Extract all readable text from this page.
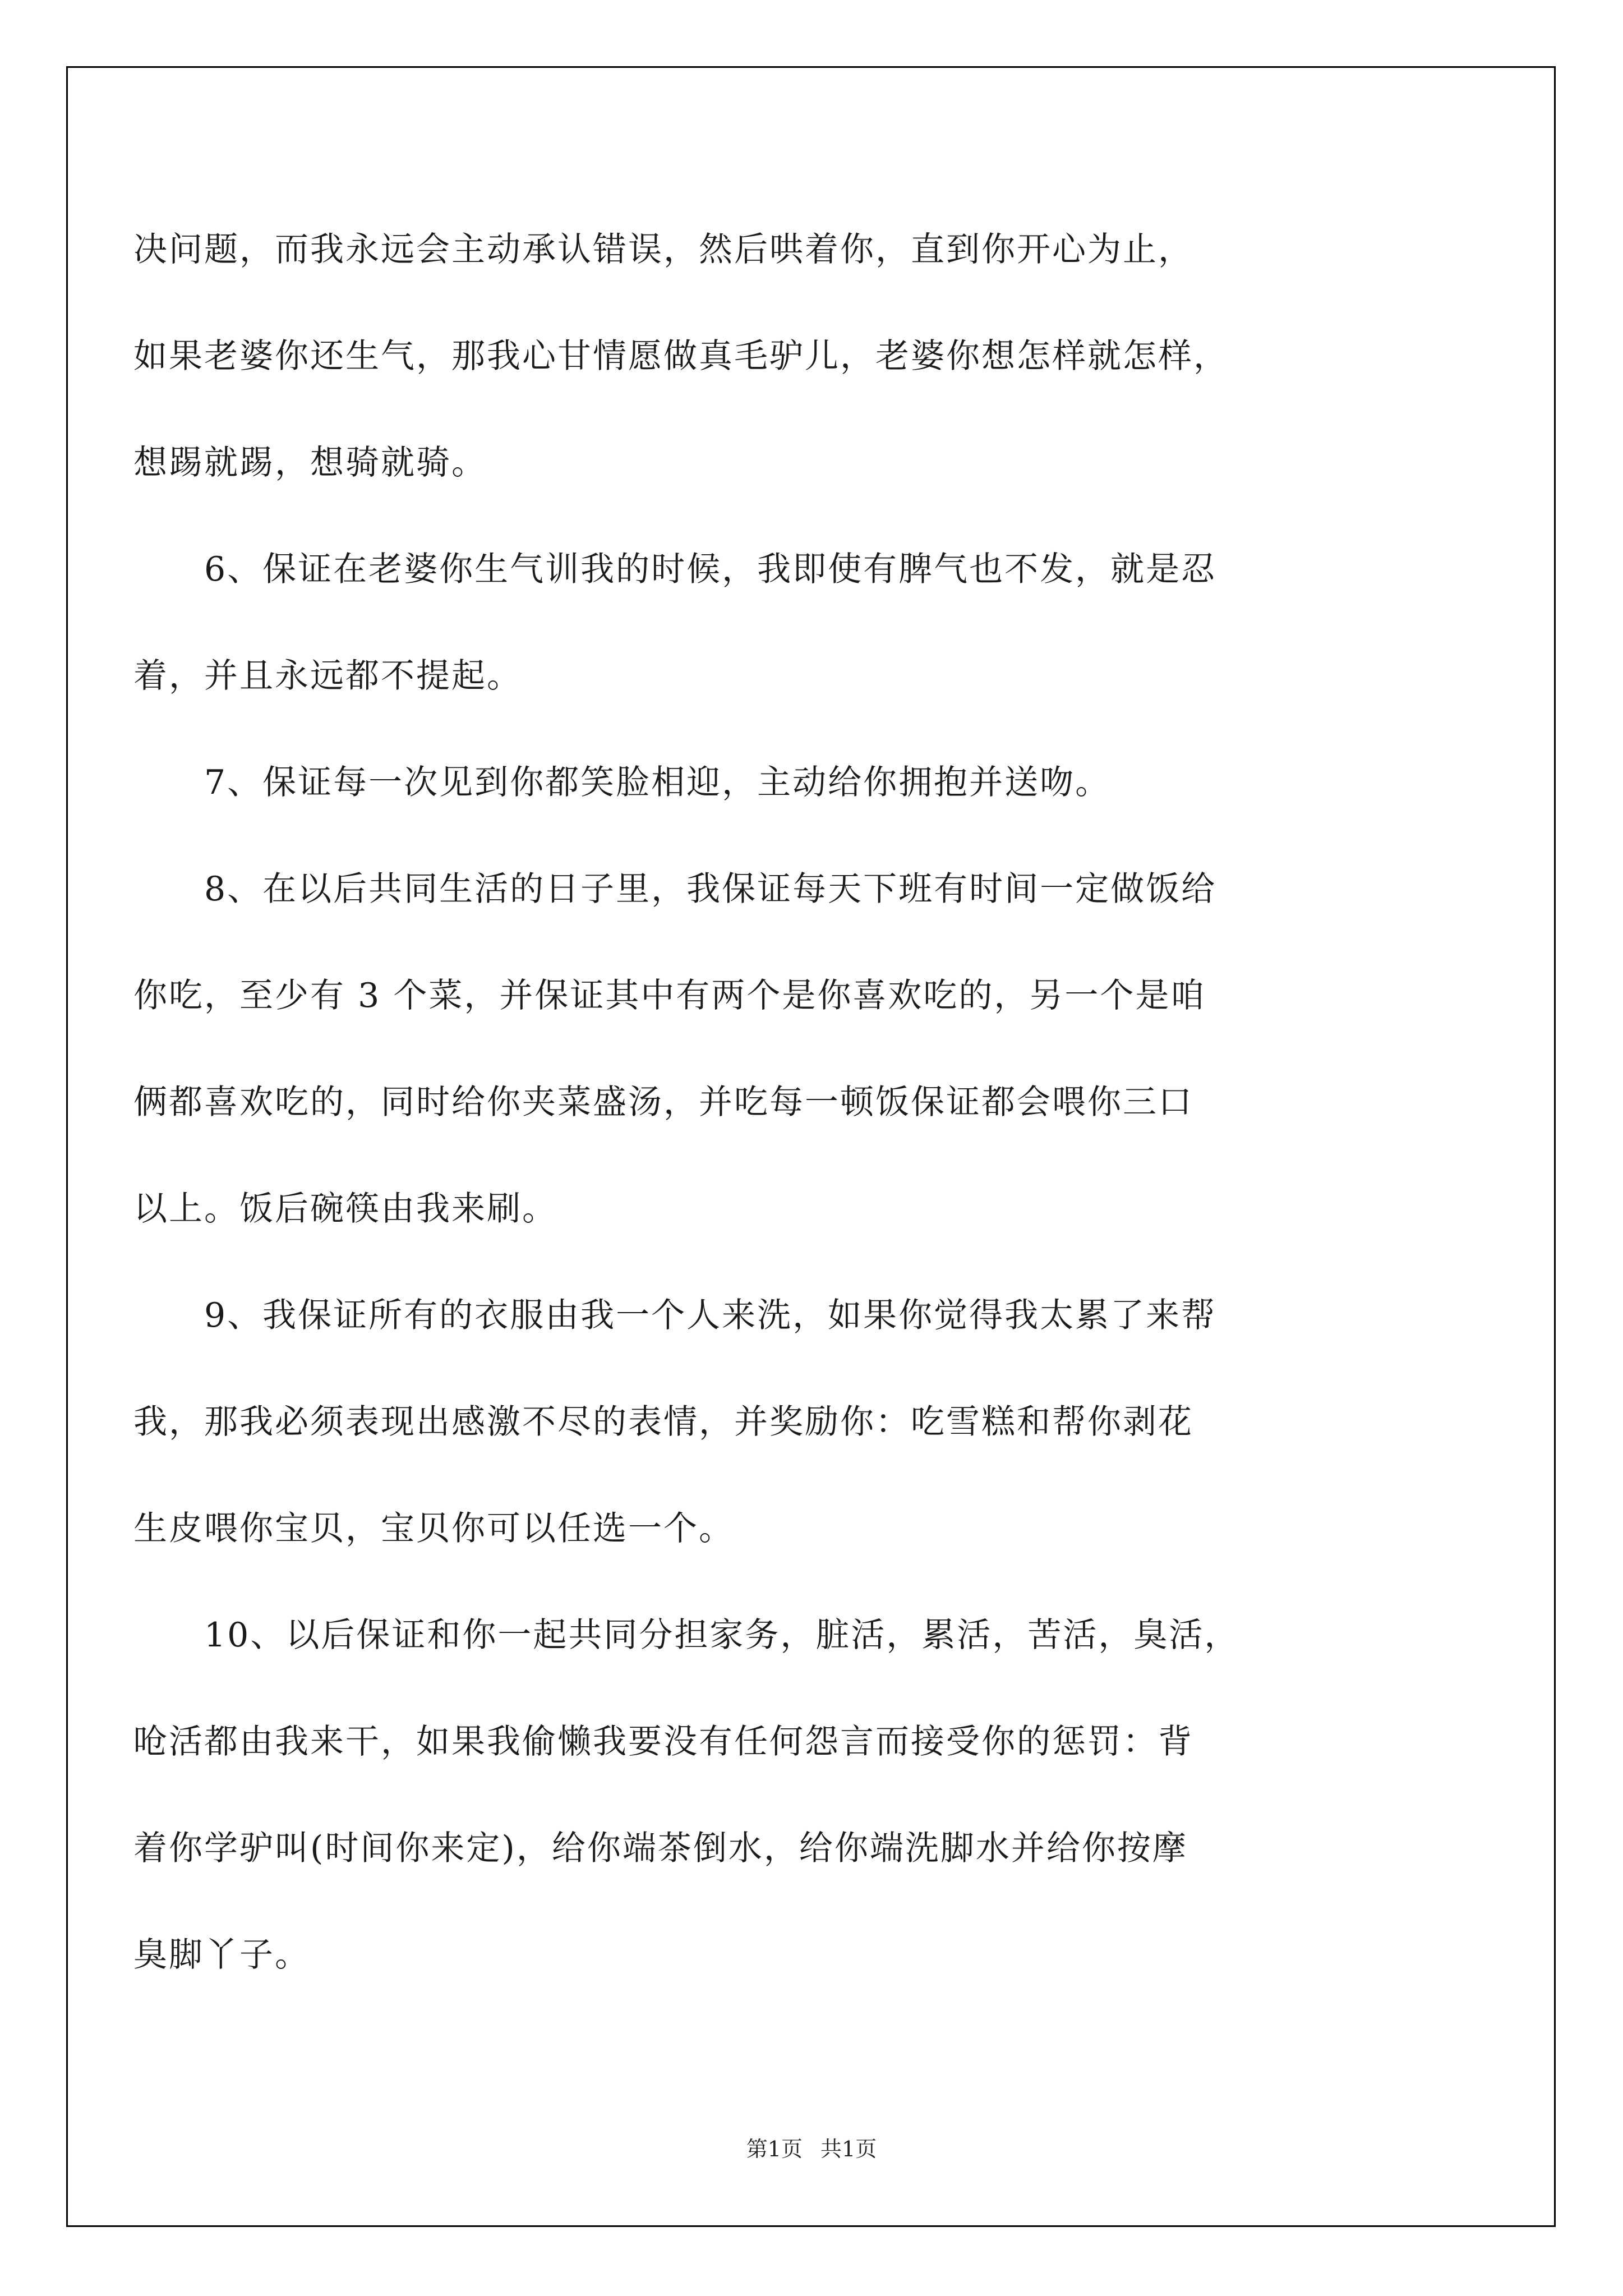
决问题，而我永远会主动承认错误，然后哄着你，直到你开心为止，
如果老婆你还生气，那我心甘情愿做真毛驴儿，老婆你想怎样就怎样，
想踢就踢，想骑就骑。
　　6、保证在老婆你生气训我的时候，我即使有脾气也不发，就是忍
着，并且永远都不提起。
　　7、保证每一次见到你都笑脸相迎，主动给你拥抱并送吻。
　　8、在以后共同生活的日子里，我保证每天下班有时间一定做饭给
你吃，至少有 3 个菜，并保证其中有两个是你喜欢吃的，另一个是咱
俩都喜欢吃的，同时给你夹菜盛汤，并吃每一顿饭保证都会喂你三口
以上。饭后碗筷由我来刷。
　　9、我保证所有的衣服由我一个人来洗，如果你觉得我太累了来帮
我，那我必须表现出感激不尽的表情，并奖励你：吃雪糕和帮你剥花
生皮喂你宝贝，宝贝你可以任选一个。
　　10、以后保证和你一起共同分担家务，脏活，累活，苦活，臭活，
呛活都由我来干，如果我偷懒我要没有任何怨言而接受你的惩罚：背
着你学驴叫(时间你来定)，给你端茶倒水，给你端洗脚水并给你按摩
臭脚丫子。
第1页 共1页
